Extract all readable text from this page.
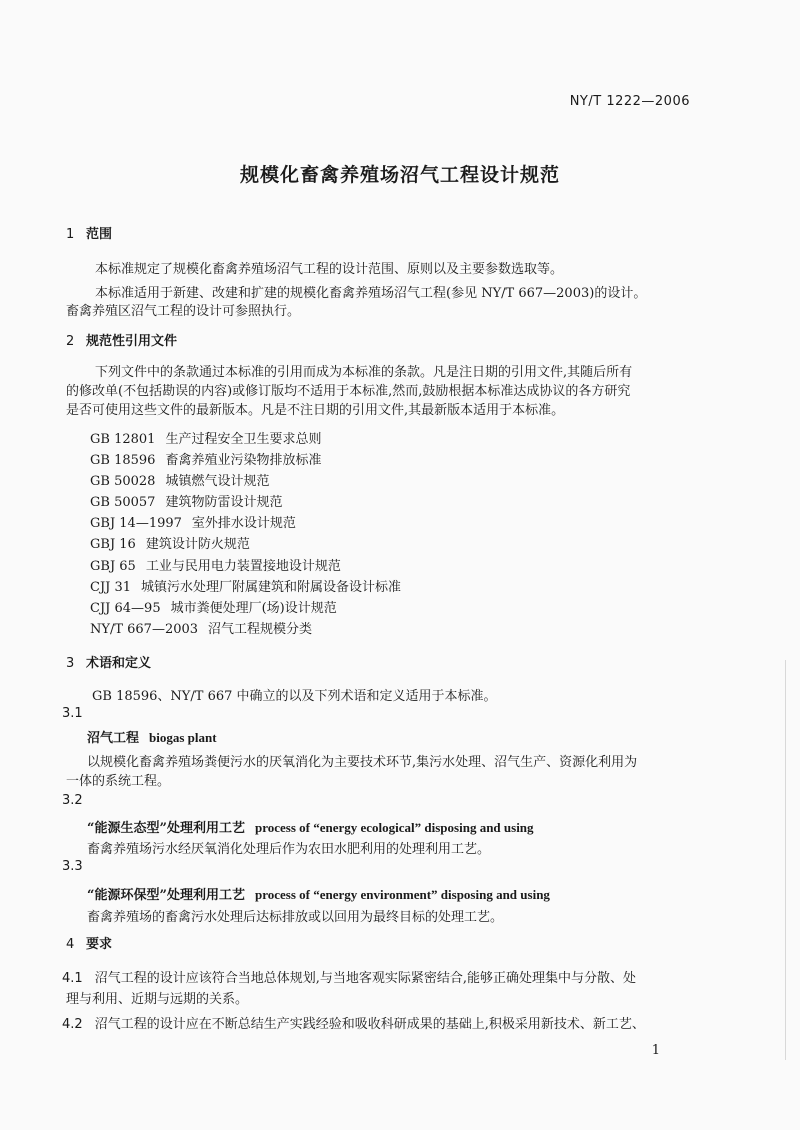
NY/T 1222—2006
规模化畜禽养殖场沼气工程设计规范
1 范围
本标准规定了规模化畜禽养殖场沼气工程的设计范围、原则以及主要参数选取等。
本标准适用于新建、改建和扩建的规模化畜禽养殖场沼气工程(参见 NY/T 667—2003)的设计。
畜禽养殖区沼气工程的设计可参照执行。
2 规范性引用文件
下列文件中的条款通过本标准的引用而成为本标准的条款。凡是注日期的引用文件,其随后所有
的修改单(不包括勘误的内容)或修订版均不适用于本标准,然而,鼓励根据本标准达成协议的各方研究
是否可使用这些文件的最新版本。凡是不注日期的引用文件,其最新版本适用于本标准。
GB 12801 生产过程安全卫生要求总则
GB 18596 畜禽养殖业污染物排放标准
GB 50028 城镇燃气设计规范
GB 50057 建筑物防雷设计规范
GBJ 14—1997 室外排水设计规范
GBJ 16 建筑设计防火规范
GBJ 65 工业与民用电力装置接地设计规范
CJJ 31 城镇污水处理厂附属建筑和附属设备设计标准
CJJ 64—95 城市粪便处理厂(场)设计规范
NY/T 667—2003 沼气工程规模分类
3 术语和定义
GB 18596、NY/T 667 中确立的以及下列术语和定义适用于本标准。
3.1
沼气工程 biogas plant
以规模化畜禽养殖场粪便污水的厌氧消化为主要技术环节,集污水处理、沼气生产、资源化利用为
一体的系统工程。
3.2
“能源生态型”处理利用工艺 process of “energy ecological” disposing and using
畜禽养殖场污水经厌氧消化处理后作为农田水肥利用的处理利用工艺。
3.3
“能源环保型”处理利用工艺 process of “energy environment” disposing and using
畜禽养殖场的畜禽污水处理后达标排放或以回用为最终目标的处理工艺。
4 要求
4.1 沼气工程的设计应该符合当地总体规划,与当地客观实际紧密结合,能够正确处理集中与分散、处
理与利用、近期与远期的关系。
4.2 沼气工程的设计应在不断总结生产实践经验和吸收科研成果的基础上,积极采用新技术、新工艺、
1
